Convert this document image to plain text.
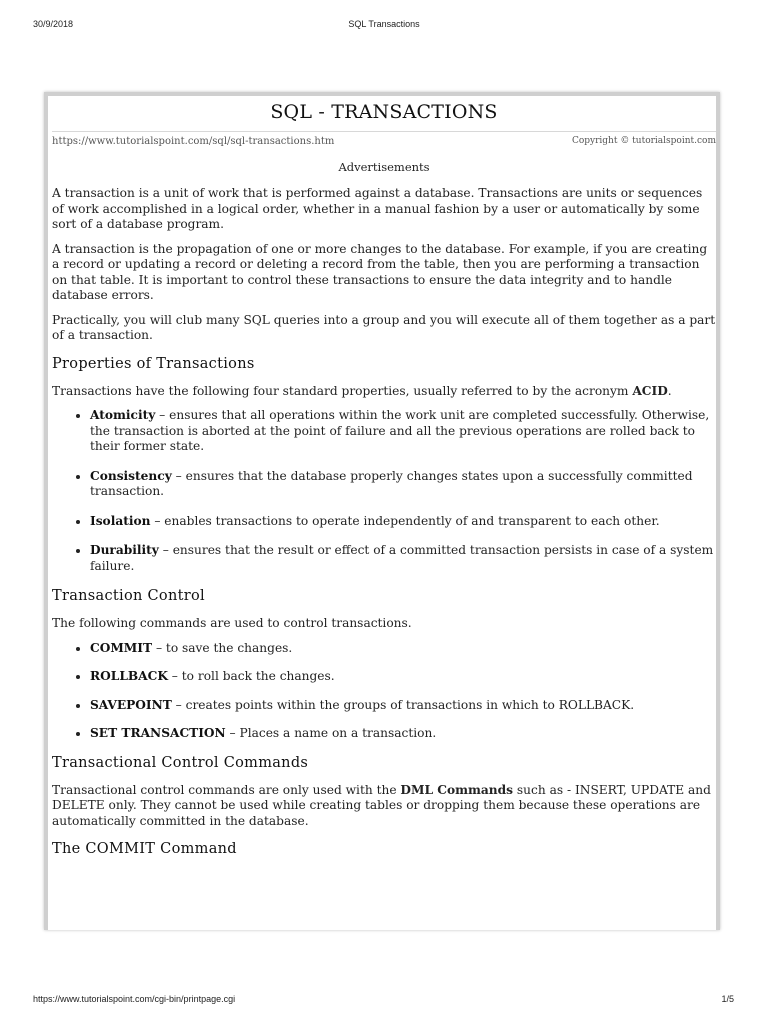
30/9/2018	SQL Transactions
SQL - TRANSACTIONS
https://www.tutorialspoint.com/sql/sql-transactions.htm	Copyright © tutorialspoint.com
Advertisements

A transaction is a unit of work that is performed against a database. Transactions are units or sequences of work accomplished in a logical order, whether in a manual fashion by a user or automatically by some sort of a database program.

A transaction is the propagation of one or more changes to the database. For example, if you are creating a record or updating a record or deleting a record from the table, then you are performing a transaction on that table. It is important to control these transactions to ensure the data integrity and to handle database errors.

Practically, you will club many SQL queries into a group and you will execute all of them together as a part of a transaction.

Properties of Transactions

Transactions have the following four standard properties, usually referred to by the acronym ACID.

• Atomicity – ensures that all operations within the work unit are completed successfully. Otherwise, the transaction is aborted at the point of failure and all the previous operations are rolled back to their former state.
• Consistency – ensures that the database properly changes states upon a successfully committed transaction.
• Isolation – enables transactions to operate independently of and transparent to each other.
• Durability – ensures that the result or effect of a committed transaction persists in case of a system failure.
Transaction Control

The following commands are used to control transactions.

• COMMIT – to save the changes.
• ROLLBACK – to roll back the changes.
• SAVEPOINT – creates points within the groups of transactions in which to ROLLBACK.
• SET TRANSACTION – Places a name on a transaction.
Transactional Control Commands

Transactional control commands are only used with the DML Commands such as - INSERT, UPDATE and DELETE only. They cannot be used while creating tables or dropping them because these operations are automatically committed in the database.

The COMMIT Command
https://www.tutorialspoint.com/cgi-bin/printpage.cgi	1/5
